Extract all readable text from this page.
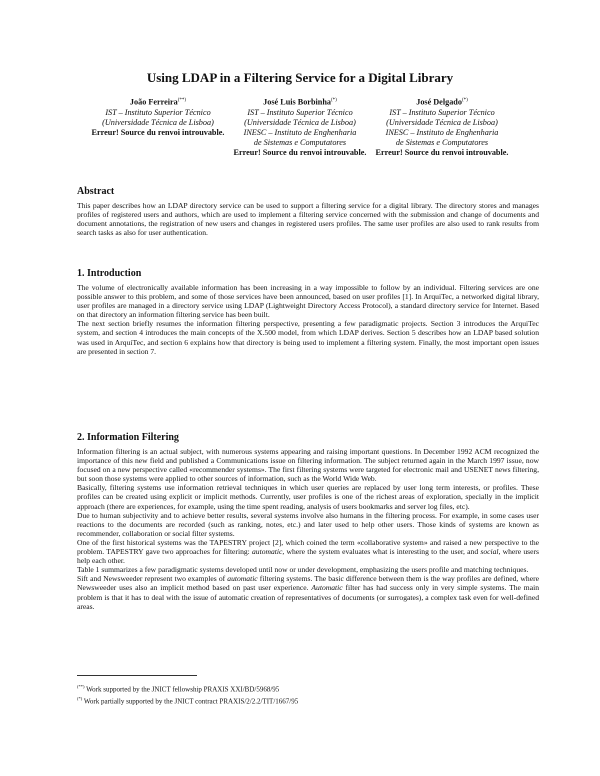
Using LDAP in a Filtering Service for a Digital Library
João Ferreira(**)
IST – Instituto Superior Técnico
(Universidade Técnica de Lisboa)
Erreur! Source du renvoi introuvable.
José Luis Borbinha(*)
IST – Instituto Superior Técnico
(Universidade Técnica de Lisboa)
INESC – Instituto de Enghenharia
de Sistemas e Computatores
Erreur! Source du renvoi introuvable.
José Delgado(*)
IST – Instituto Superior Técnico
(Universidade Técnica de Lisboa)
INESC – Instituto de Enghenharia
de Sistemas e Computatores
Erreur! Source du renvoi introuvable.
Abstract

This paper describes how an LDAP directory service can be used to support a filtering service for a digital library. The directory stores and manages profiles of registered users and authors, which are used to implement a filtering service concerned with the submission and change of documents and document annotations, the registration of new users and changes in registered users profiles. The same user profiles are also used to rank results from search tasks as also for user authentication.

1. Introduction

The volume of electronically available information has been increasing in a way impossible to follow by an individual. Filtering services are one possible answer to this problem, and some of those services have been announced, based on user profiles [1]. In ArquiTec, a networked digital library, user profiles are managed in a directory service using LDAP (Lightweight Directory Access Protocol), a standard directory service for Internet. Based on that directory an information filtering service has been built.

The next section briefly resumes the information filtering perspective, presenting a few paradigmatic projects. Section 3 introduces the ArquiTec system, and section 4 introduces the main concepts of the X.500 model, from which LDAP derives. Section 5 describes how an LDAP based solution was used in ArquiTec, and section 6 explains how that directory is being used to implement a filtering system. Finally, the most important open issues are presented in section 7.

2. Information Filtering

Information filtering is an actual subject, with numerous systems appearing and raising important questions. In December 1992 ACM recognized the importance of this new field and published a Communications issue on filtering information. The subject returned again in the March 1997 issue, now focused on a new perspective called «recommender systems». The first filtering systems were targeted for electronic mail and USENET news filtering, but soon those systems were applied to other sources of information, such as the World Wide Web.

Basically, filtering systems use information retrieval techniques in which user queries are replaced by user long term interests, or profiles. These profiles can be created using explicit or implicit methods. Currently, user profiles is one of the richest areas of exploration, specially in the implicit approach (there are experiences, for example, using the time spent reading, analysis of users bookmarks and server log files, etc).

Due to human subjectivity and to achieve better results, several systems involve also humans in the filtering process. For example, in some cases user reactions to the documents are recorded (such as ranking, notes, etc.) and later used to help other users. Those kinds of systems are known as recommender, collaboration or social filter systems.

One of the first historical systems was the TAPESTRY project [2], which coined the term «collaborative system» and raised a new perspective to the problem. TAPESTRY gave two approaches for filtering: automatic, where the system evaluates what is interesting to the user, and social, where users help each other.

Table 1 summarizes a few paradigmatic systems developed until now or under development, emphasizing the users profile and matching techniques.

Sift and Newsweeder represent two examples of automatic filtering systems. The basic difference between them is the way profiles are defined, where Newsweeder uses also an implicit method based on past user experience. Automatic filter has had success only in very simple systems. The main problem is that it has to deal with the issue of automatic creation of representatives of documents (or surrogates), a complex task even for well-defined areas.

(**) Work supported by the JNICT fellowship PRAXIS XXI/BD/5968/95
(*) Work partially supported by the JNICT contract PRAXIS/2/2.2/TIT/1667/95
